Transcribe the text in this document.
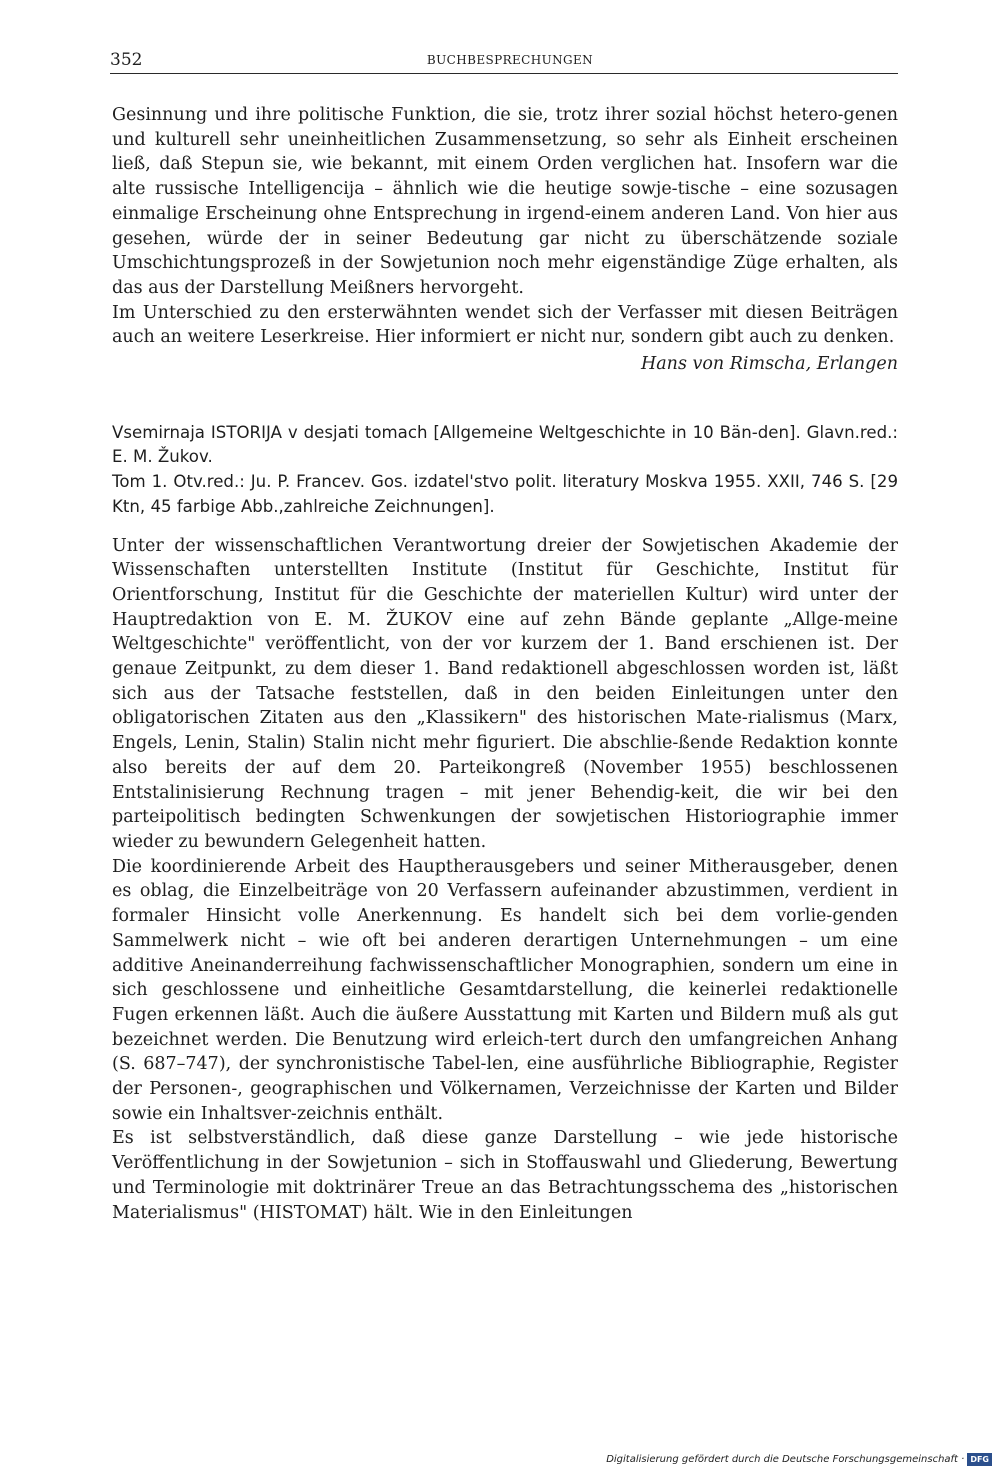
352	BUCHBESPRECHUNGEN

Gesinnung und ihre politische Funktion, die sie, trotz ihrer sozial höchst hetero-genen und kulturell sehr uneinheitlichen Zusammensetzung, so sehr als Einheit erscheinen ließ, daß Stepun sie, wie bekannt, mit einem Orden verglichen hat. Insofern war die alte russische Intelligencija – ähnlich wie die heutige sowje-tische – eine sozusagen einmalige Erscheinung ohne Entsprechung in irgend-einem anderen Land. Von hier aus gesehen, würde der in seiner Bedeutung gar nicht zu überschätzende soziale Umschichtungsprozeß in der Sowjetunion noch mehr eigenständige Züge erhalten, als das aus der Darstellung Meißners hervorgeht.

Im Unterschied zu den ersterwähnten wendet sich der Verfasser mit diesen Beiträgen auch an weitere Leserkreise. Hier informiert er nicht nur, sondern gibt auch zu denken.

Hans von Rimscha, Erlangen
Vsemirnaja ISTORIJA v desjati tomach [Allgemeine Weltgeschichte in 10 Bän-den]. Glavn.red.: E. M. Žukov.
Tom 1. Otv.red.: Ju. P. Francev. Gos. izdatel'stvo polit. literatury Moskva 1955. XXII, 746 S. [29 Ktn, 45 farbige Abb.,zahlreiche Zeichnungen].

Unter der wissenschaftlichen Verantwortung dreier der Sowjetischen Akademie der Wissenschaften unterstellten Institute (Institut für Geschichte, Institut für Orientforschung, Institut für die Geschichte der materiellen Kultur) wird unter der Hauptredaktion von E. M. ŽUKOV eine auf zehn Bände geplante „Allge-meine Weltgeschichte" veröffentlicht, von der vor kurzem der 1. Band erschienen ist. Der genaue Zeitpunkt, zu dem dieser 1. Band redaktionell abgeschlossen worden ist, läßt sich aus der Tatsache feststellen, daß in den beiden Einleitungen unter den obligatorischen Zitaten aus den „Klassikern" des historischen Mate-rialismus (Marx, Engels, Lenin, Stalin) Stalin nicht mehr figuriert. Die abschlie-ßende Redaktion konnte also bereits der auf dem 20. Parteikongreß (November 1955) beschlossenen Entstalinisierung Rechnung tragen – mit jener Behendig-keit, die wir bei den parteipolitisch bedingten Schwenkungen der sowjetischen Historiographie immer wieder zu bewundern Gelegenheit hatten.

Die koordinierende Arbeit des Hauptherausgebers und seiner Mitherausgeber, denen es oblag, die Einzelbeiträge von 20 Verfassern aufeinander abzustimmen, verdient in formaler Hinsicht volle Anerkennung. Es handelt sich bei dem vorlie-genden Sammelwerk nicht – wie oft bei anderen derartigen Unternehmungen – um eine additive Aneinanderreihung fachwissenschaftlicher Monographien, sondern um eine in sich geschlossene und einheitliche Gesamtdarstellung, die keinerlei redaktionelle Fugen erkennen läßt. Auch die äußere Ausstattung mit Karten und Bildern muß als gut bezeichnet werden. Die Benutzung wird erleich-tert durch den umfangreichen Anhang (S. 687–747), der synchronistische Tabel-len, eine ausführliche Bibliographie, Register der Personen-, geographischen und Völkernamen, Verzeichnisse der Karten und Bilder sowie ein Inhaltsver-zeichnis enthält.

Es ist selbstverständlich, daß diese ganze Darstellung – wie jede historische Veröffentlichung in der Sowjetunion – sich in Stoffauswahl und Gliederung, Bewertung und Terminologie mit doktrinärer Treue an das Betrachtungsschema des „historischen Materialismus" (HISTOMAT) hält. Wie in den Einleitungen

Digitalisierung gefördert durch die Deutsche Forschungsgemeinschaft · DFG
